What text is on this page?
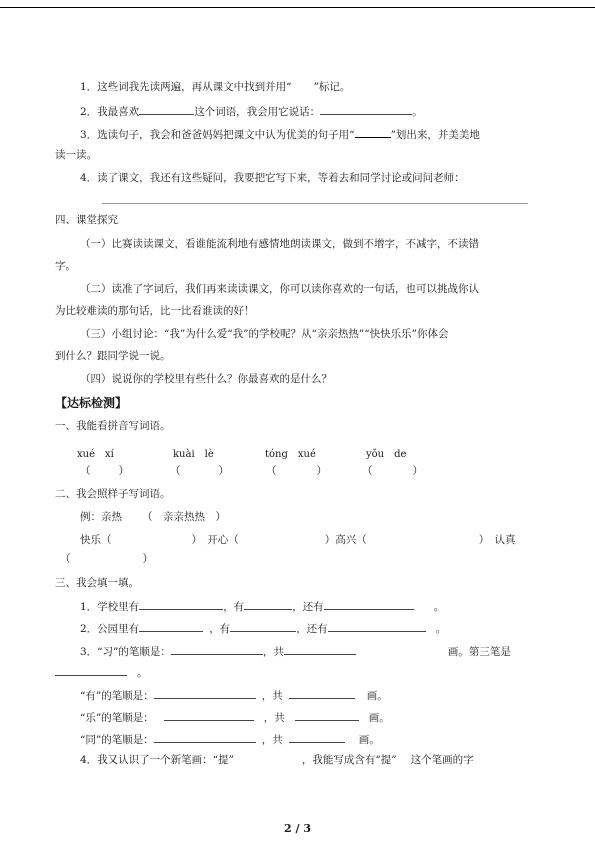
1．这些词我先读两遍，再从课文中找到并用“ ”标记。
2．我最喜欢	这个词语，我会用它说话：	。
3．选读句子，我会和爸爸妈妈把课文中认为优美的句子用“	”划出来，并美美地
读一读。
4．读了课文，我还有这些疑问，我要把它写下来，等着去和同学讨论或问问老师：
四、课堂探究
（一）比赛读读课文，看谁能流利地有感情地朗读课文，做到不增字，不减字，不读错
字。
（二）读准了字词后，我们再来读读课文，你可以读你喜欢的一句话，也可以挑战你认
为比较难读的那句话，比一比看谁读的好！
（三）小组讨论：“我”为什么爱“我”的学校呢？从“亲亲热热”“快快乐乐”你体会
到什么？跟同学说一说。
（四）说说你的学校里有些什么？你最喜欢的是什么？
【达标检测】
一、我能看拼音写词语。
xué　xí	kuài　lè	tóng　xué	yǒu　de
（	）	（	）	（	）	（	）
二、我会照样子写词语。
例：亲热 （　亲亲热热　）
快乐（	）　开心（	）高兴（	）　认真
（	）
三、我会填一填。
1．学校里有	，有	，还有	。
2．公园里有	，有	，还有	。
3．“习”的笔顺是：	，共	画。第三笔是
。
“有”的笔顺是：	，共	画。
“乐”的笔顺是：	，共	画。
“同”的笔顺是：	，共	画。
4．我又认识了一个新笔画：“提”	，我能写成含有“提” 这个笔画的字
2 / 3
